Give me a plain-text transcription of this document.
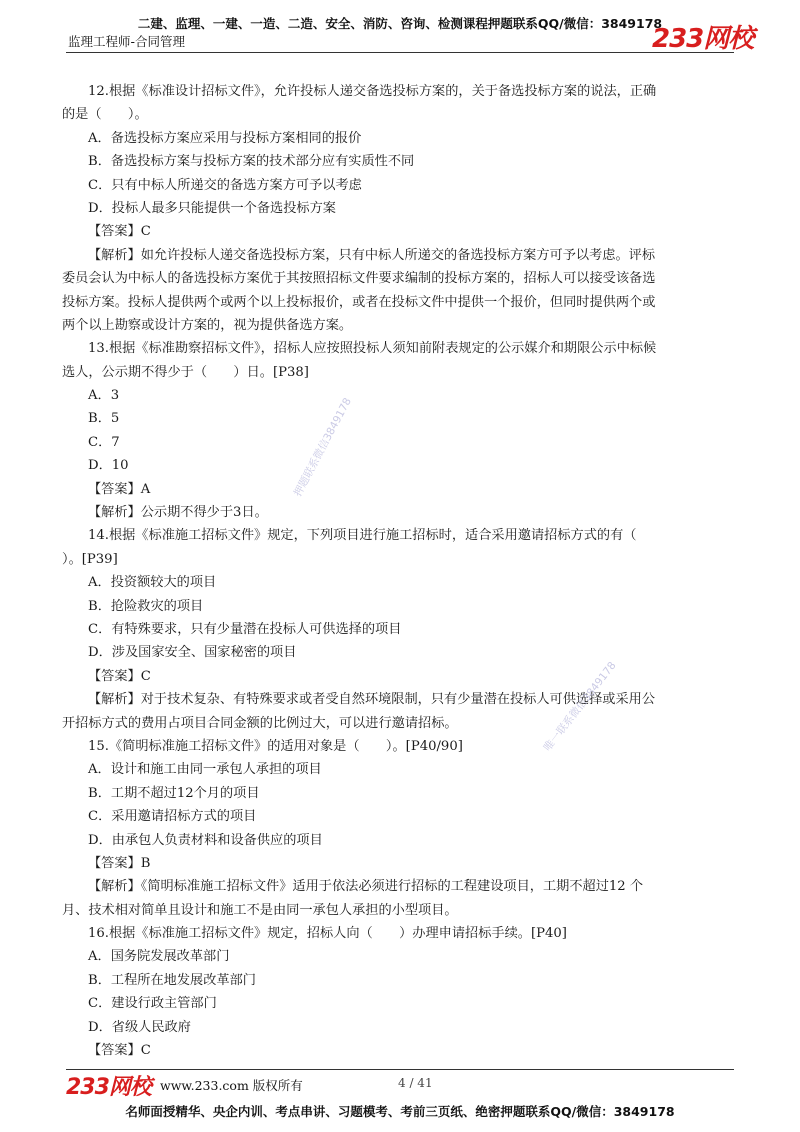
二建、监理、一建、一造、二造、安全、消防、咨询、检测课程押题联系QQ/微信：3849178
监理工程师-合同管理	233网校
12.根据《标准设计招标文件》，允许投标人递交备选投标方案的，关于备选投标方案的说法，正确
的是（　　）。
A．备选投标方案应采用与投标方案相同的报价
B．备选投标方案与投标方案的技术部分应有实质性不同
C．只有中标人所递交的备选方案方可予以考虑
D．投标人最多只能提供一个备选投标方案
【答案】C
【解析】如允许投标人递交备选投标方案，只有中标人所递交的备选投标方案方可予以考虑。评标
委员会认为中标人的备选投标方案优于其按照招标文件要求编制的投标方案的，招标人可以接受该备选
投标方案。投标人提供两个或两个以上投标报价，或者在投标文件中提供一个报价，但同时提供两个或
两个以上勘察或设计方案的，视为提供备选方案。
13.根据《标准勘察招标文件》，招标人应按照投标人须知前附表规定的公示媒介和期限公示中标候
选人，公示期不得少于（　　）日。[P38]
A．3
B．5
C．7
D．10
【答案】A
【解析】公示期不得少于3日。
14.根据《标准施工招标文件》规定，下列项目进行施工招标时，适合采用邀请招标方式的有（
）。[P39]
A．投资额较大的项目
B．抢险救灾的项目
C．有特殊要求，只有少量潜在投标人可供选择的项目
D．涉及国家安全、国家秘密的项目
【答案】C
【解析】对于技术复杂、有特殊要求或者受自然环境限制，只有少量潜在投标人可供选择或采用公
开招标方式的费用占项目合同金额的比例过大，可以进行邀请招标。
15.《简明标准施工招标文件》的适用对象是（　　）。[P40/90]
A．设计和施工由同一承包人承担的项目
B．工期不超过12个月的项目
C．采用邀请招标方式的项目
D．由承包人负责材料和设备供应的项目
【答案】B
【解析】《简明标准施工招标文件》适用于依法必须进行招标的工程建设项目，工期不超过12 个
月、技术相对简单且设计和施工不是由同一承包人承担的小型项目。
16.根据《标准施工招标文件》规定，招标人向（　　）办理申请招标手续。[P40]
A．国务院发展改革部门
B．工程所在地发展改革部门
C．建设行政主管部门
D．省级人民政府
【答案】C
押题联系微信3849178
唯一联系微信3849178
233网校 www.233.com 版权所有	4 / 41
名师面授精华、央企内训、考点串讲、习题模考、考前三页纸、绝密押题联系QQ/微信：3849178
